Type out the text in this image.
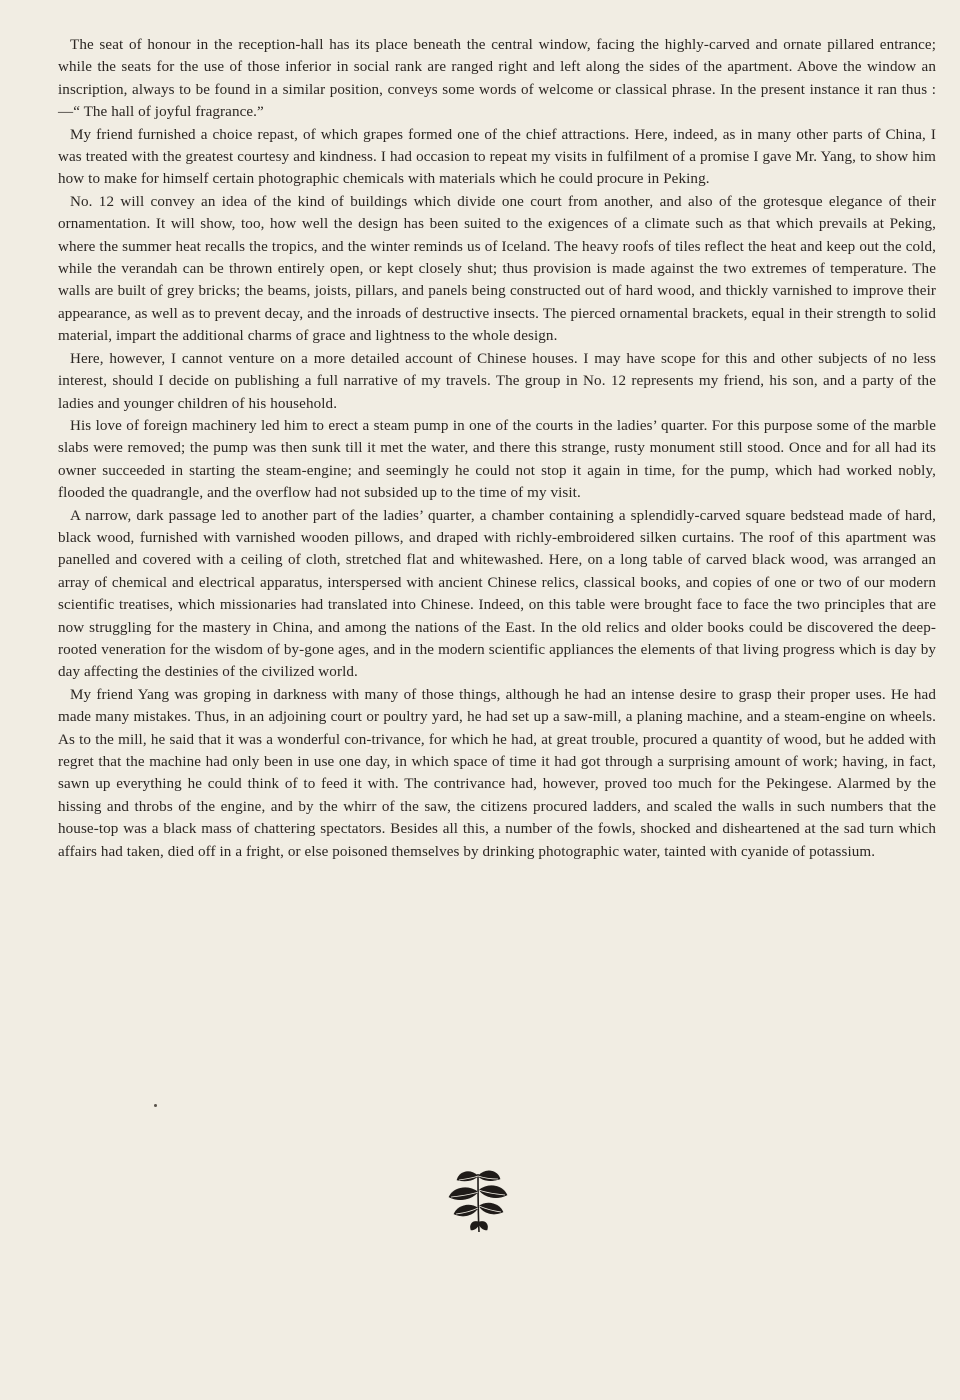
The seat of honour in the reception-hall has its place beneath the central window, facing the highly-carved and ornate pillared entrance; while the seats for the use of those inferior in social rank are ranged right and left along the sides of the apartment. Above the window an inscription, always to be found in a similar position, conveys some words of welcome or classical phrase. In the present instance it ran thus :—“ The hall of joyful fragrance.”

My friend furnished a choice repast, of which grapes formed one of the chief attractions. Here, indeed, as in many other parts of China, I was treated with the greatest courtesy and kindness. I had occasion to repeat my visits in fulfilment of a promise I gave Mr. Yang, to show him how to make for himself certain photographic chemicals with materials which he could procure in Peking.

No. 12 will convey an idea of the kind of buildings which divide one court from another, and also of the grotesque elegance of their ornamentation. It will show, too, how well the design has been suited to the exigences of a climate such as that which prevails at Peking, where the summer heat recalls the tropics, and the winter reminds us of Iceland. The heavy roofs of tiles reflect the heat and keep out the cold, while the verandah can be thrown entirely open, or kept closely shut; thus provision is made against the two extremes of temperature. The walls are built of grey bricks; the beams, joists, pillars, and panels being constructed out of hard wood, and thickly varnished to improve their appearance, as well as to prevent decay, and the inroads of destructive insects. The pierced ornamental brackets, equal in their strength to solid material, impart the additional charms of grace and lightness to the whole design.

Here, however, I cannot venture on a more detailed account of Chinese houses. I may have scope for this and other subjects of no less interest, should I decide on publishing a full narrative of my travels. The group in No. 12 represents my friend, his son, and a party of the ladies and younger children of his household.

His love of foreign machinery led him to erect a steam pump in one of the courts in the ladies’ quarter. For this purpose some of the marble slabs were removed; the pump was then sunk till it met the water, and there this strange, rusty monument still stood. Once and for all had its owner succeeded in starting the steam-engine; and seemingly he could not stop it again in time, for the pump, which had worked nobly, flooded the quadrangle, and the overflow had not subsided up to the time of my visit.

A narrow, dark passage led to another part of the ladies’ quarter, a chamber containing a splendidly-carved square bedstead made of hard, black wood, furnished with varnished wooden pillows, and draped with richly-embroidered silken curtains. The roof of this apartment was panelled and covered with a ceiling of cloth, stretched flat and whitewashed. Here, on a long table of carved black wood, was arranged an array of chemical and electrical apparatus, interspersed with ancient Chinese relics, classical books, and copies of one or two of our modern scientific treatises, which missionaries had translated into Chinese. Indeed, on this table were brought face to face the two principles that are now struggling for the mastery in China, and among the nations of the East. In the old relics and older books could be discovered the deep-rooted veneration for the wisdom of by-gone ages, and in the modern scientific appliances the elements of that living progress which is day by day affecting the destinies of the civilized world.

My friend Yang was groping in darkness with many of those things, although he had an intense desire to grasp their proper uses. He had made many mistakes. Thus, in an adjoining court or poultry yard, he had set up a saw-mill, a planing machine, and a steam-engine on wheels. As to the mill, he said that it was a wonderful con-trivance, for which he had, at great trouble, procured a quantity of wood, but he added with regret that the machine had only been in use one day, in which space of time it had got through a surprising amount of work; having, in fact, sawn up everything he could think of to feed it with. The contrivance had, however, proved too much for the Pekingese. Alarmed by the hissing and throbs of the engine, and by the whirr of the saw, the citizens procured ladders, and scaled the walls in such numbers that the house-top was a black mass of chattering spectators. Besides all this, a number of the fowls, shocked and disheartened at the sad turn which affairs had taken, died off in a fright, or else poisoned themselves by drinking photographic water, tainted with cyanide of potassium.
